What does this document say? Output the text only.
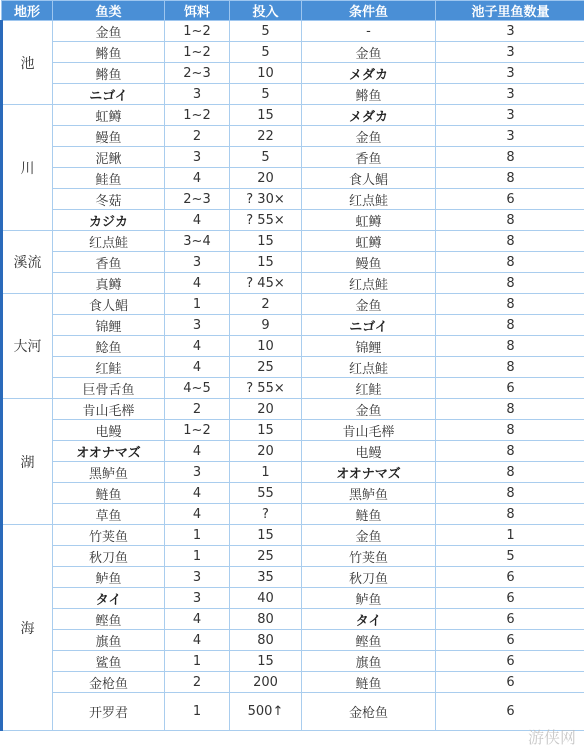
地形	鱼类	饵料	投入	条件鱼	池子里鱼数量
池	金鱼	1~2	5	-	3
	鳉鱼	1~2	5	金鱼	3
	鳉鱼	2~3	10	メダカ	3
	ニゴイ	3	5	鳉鱼	3
川	虹鳟	1~2	15	メダカ	3
	鳗鱼	2	22	金鱼	3
	泥鳅	3	5	香鱼	8
	鲑鱼	4	20	食人鲳	8
	冬菇	2~3	? 30×	红点鲑	6
	カジカ	4	? 55×	虹鳟	8
溪流	红点鲑	3~4	15	虹鳟	8
	香鱼	3	15	鳗鱼	8
	真鳟	4	? 45×	红点鲑	8
大河	食人鲳	1	2	金鱼	8
	锦鲤	3	9	ニゴイ	8
	鲶鱼	4	10	锦鲤	8
	红鲑	4	25	红点鲑	8
	巨骨舌鱼	4~5	? 55×	红鲑	6
湖	肯山毛榉	2	20	金鱼	8
	电鳗	1~2	15	肯山毛榉	8
	オオナマズ	4	20	电鳗	8
	黑鲈鱼	3	1	オオナマズ	8
	鲢鱼	4	55	黑鲈鱼	8
	草鱼	4	?	鲢鱼	8
海	竹荚鱼	1	15	金鱼	1
	秋刀鱼	1	25	竹荚鱼	5
	鲈鱼	3	35	秋刀鱼	6
	タイ	3	40	鲈鱼	6
	鲣鱼	4	80	タイ	6
	旗鱼	4	80	鲣鱼	6
	鲨鱼	1	15	旗鱼	6
	金枪鱼	2	200	鲢鱼	6
	开罗君	1	500↑	金枪鱼	6
游侠网
